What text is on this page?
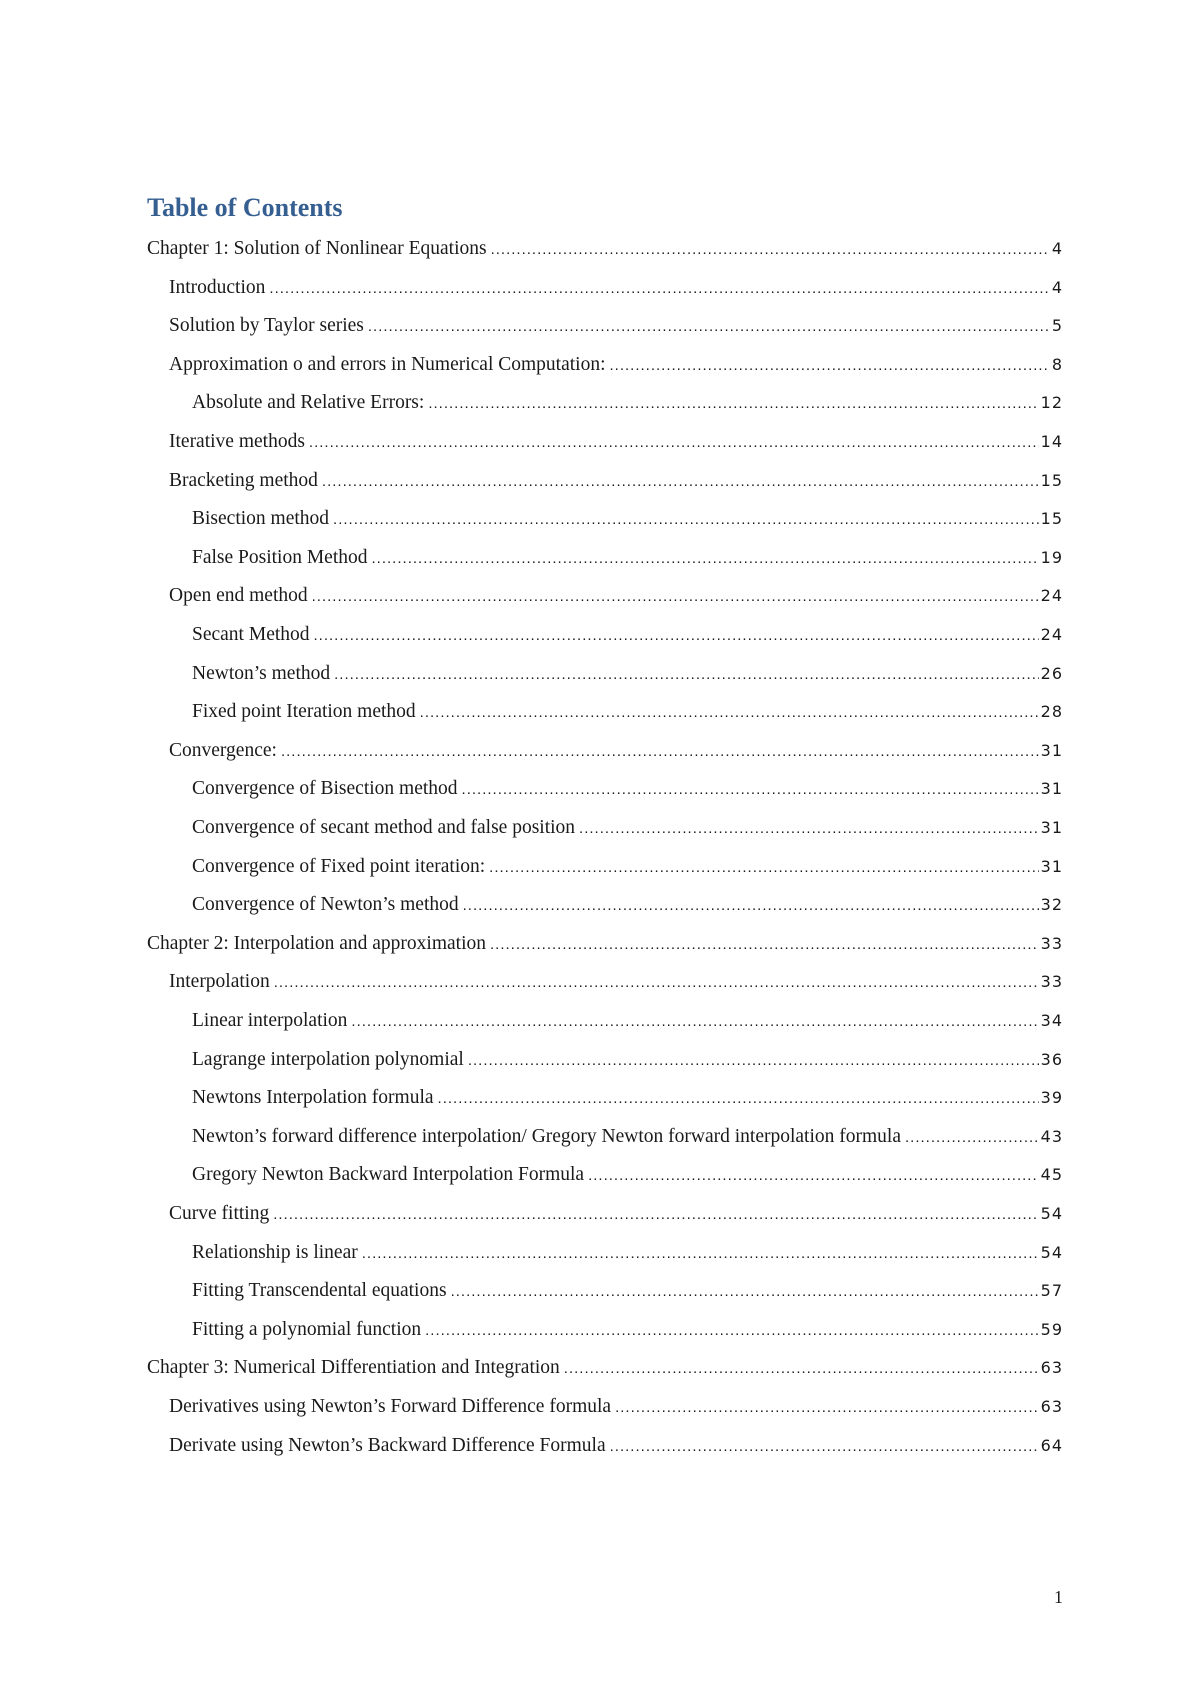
Table of Contents
Chapter 1: Solution of Nonlinear Equations .....	4
Introduction .....	4
Solution by Taylor series .....	5
Approximation o and errors in Numerical Computation: .....	8
Absolute and Relative Errors: .....	12
Iterative methods .....	14
Bracketing method .....	15
Bisection method .....	15
False Position Method .....	19
Open end method .....	24
Secant Method .....	24
Newton’s method .....	26
Fixed point Iteration method .....	28
Convergence: .....	31
Convergence of Bisection method .....	31
Convergence of secant method and false position .....	31
Convergence of Fixed point iteration: .....	31
Convergence of Newton’s method .....	32
Chapter 2: Interpolation and approximation .....	33
Interpolation .....	33
Linear interpolation .....	34
Lagrange interpolation polynomial .....	36
Newtons Interpolation formula .....	39
Newton’s forward difference interpolation/ Gregory Newton forward interpolation formula .....	43
Gregory Newton Backward Interpolation Formula .....	45
Curve fitting .....	54
Relationship is linear .....	54
Fitting Transcendental equations .....	57
Fitting a polynomial function .....	59
Chapter 3: Numerical Differentiation and Integration .....	63
Derivatives using Newton’s Forward Difference formula .....	63
Derivate using Newton’s Backward Difference Formula .....	64
1
